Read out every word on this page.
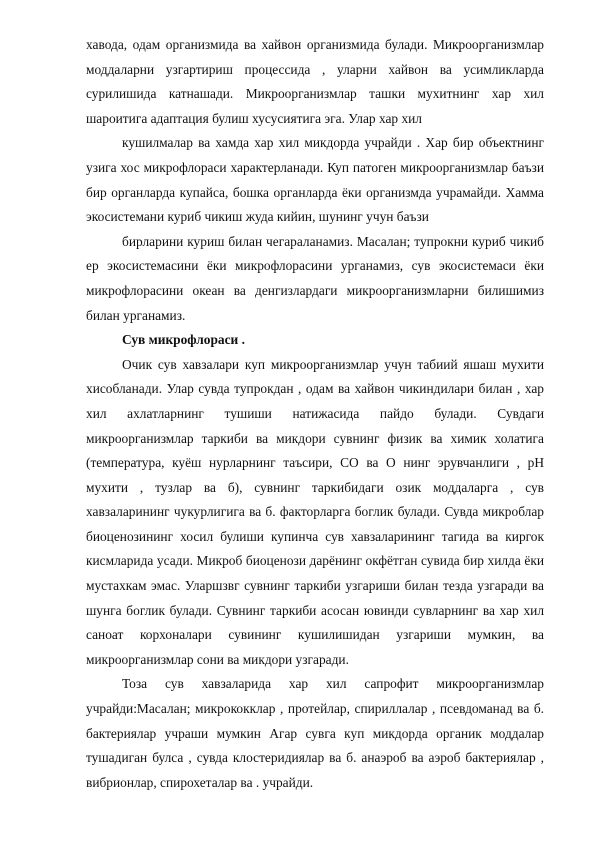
хавода, одам организмида ва хайвон организмида булади. Микроорганизмлар моддаларни узгартириш процессида , уларни хайвон ва усимликларда сурилишида катнашади. Микроорганизмлар ташки мухитнинг хар хил шароитига адаптация булиш хусусиятига эга. Улар хар хил

кушилмалар ва хамда хар хил микдорда учрайди . Хар бир объектнинг узига хос микрофлораси характерланади. Куп патоген микроорганизмлар баъзи бир органларда купайса, бошка органларда ёки организмда учрамайди. Хамма экосистемани куриб чикиш жуда кийин, шунинг учун баъзи

бирларини куриш билан чегараланамиз. Масалан; тупрокни куриб чикиб ер экосистемасини ёки микрофлорасини урганамиз, сув экосистемаси ёки микрофлорасини океан ва денгизлардаги микроорганизмларни билишимиз билан урганамиз.

Сув микрофлораси .

Очик сув хавзалари куп микроорганизмлар учун табиий яшаш мухити хисобланади. Улар сувда тупрокдан , одам ва хайвон чикиндилари билан , хар хил ахлатларнинг тушиши натижасида пайдо булади. Сувдаги микроорганизмлар таркиби ва микдори сувнинг физик ва химик холатига (температура, куёш нурларнинг таъсири, СО ва О нинг эрувчанлиги , рН мухити , тузлар ва б), сувнинг таркибидаги озик моддаларга , сув хавзаларининг чукурлигига ва б. факторларга боглик булади. Сувда микроблар биоценозининг хосил булиши купинча сув хавзаларининг тагида ва киргок кисмларида усади. Микроб биоценози дарёнинг окфётган сувида бир хилда ёки мустахкам эмас. Уларшзвг сувнинг таркиби узгариши билан тезда узгаради ва шунга боглик булади. Сувнинг таркиби асосан ювинди сувларнинг ва хар хил саноат корхоналари сувининг кушилишидан узгариши мумкин, ва микроорганизмлар сони ва микдори узгаради.

Тоза сув хавзаларида хар хил сапрофит микроорганизмлар учрайди:Масалан; микрококклар , протейлар, спириллалар , псевдоманад ва б. бактериялар учраши мумкин Агар сувга куп микдорда органик моддалар тушадиган булса , сувда клостеридиялар ва б. анаэроб ва аэроб бактериялар , вибрионлар, спирохеталар ва . учрайди.
